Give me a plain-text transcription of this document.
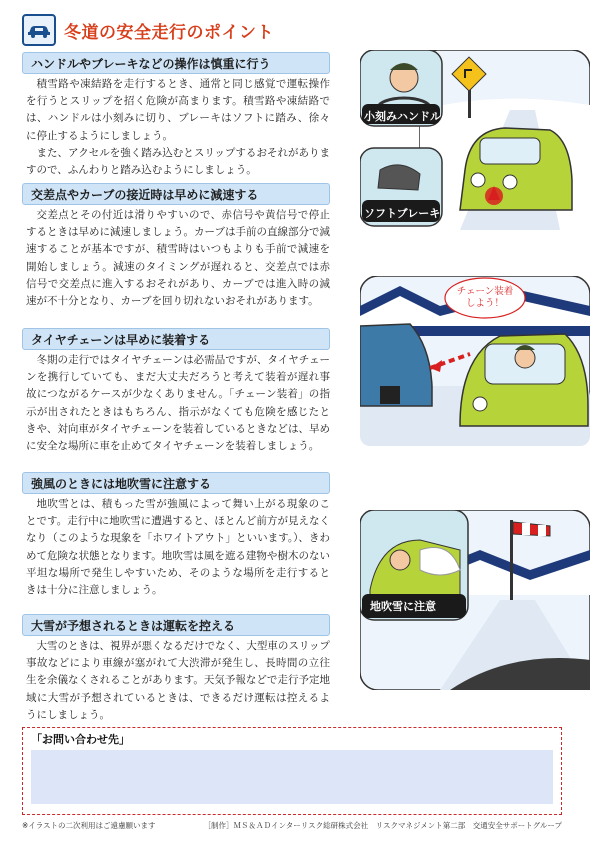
冬道の安全走行のポイント
ハンドルやブレーキなどの操作は慎重に行う

積雪路や凍結路を走行するとき、通常と同じ感覚で運転操作を行うとスリップを招く危険が高まります。積雪路や凍結路では、ハンドルは小刻みに切り、ブレーキはソフトに踏み、徐々に停止するようにしましょう。

また、アクセルを強く踏み込むとスリップするおそれがありますので、ふんわりと踏み込むようにしましょう。

交差点やカーブの接近時は早めに減速する

交差点とその付近は滑りやすいので、赤信号や黄信号で停止するときは早めに減速しましょう。カーブは手前の直線部分で減速することが基本ですが、積雪時はいつもよりも手前で減速を開始しましょう。減速のタイミングが遅れると、交差点では赤信号で交差点に進入するおそれがあり、カーブでは進入時の減速が不十分となり、カーブを回り切れないおそれがあります。

タイヤチェーンは早めに装着する

冬期の走行ではタイヤチェーンは必需品ですが、タイヤチェーンを携行していても、まだ大丈夫だろうと考えて装着が遅れ事故につながるケースが少なくありません。「チェーン装着」の指示が出されたときはもちろん、指示がなくても危険を感じたときや、対向車がタイヤチェーンを装着しているときなどは、早めに安全な場所に車を止めてタイヤチェーンを装着しましょう。

強風のときには地吹雪に注意する

地吹雪とは、積もった雪が強風によって舞い上がる現象のことです。走行中に地吹雪に遭遇すると、ほとんど前方が見えなくなり（このような現象を「ホワイトアウト」といいます。）、きわめて危険な状態となります。地吹雪は風を遮る建物や樹木のない平坦な場所で発生しやすいため、そのような場所を走行するときは十分に注意しましょう。

大雪が予想されるときは運転を控える

大雪のときは、視界が悪くなるだけでなく、大型車のスリップ事故などにより車線が塞がれて大渋滞が発生し、長時間の立往生を余儀なくされることがあります。天気予報などで走行予定地域に大雪が予想されているときは、できるだけ運転は控えるようにしましょう。

小刻みハンドル
ソフトブレーキ
チェーン装着
しよう！
地吹雪に注意
「お問い合わせ先」
※イラストの二次利用はご遠慮願います	［制作］ＭＳ＆ＡＤインターリスク総研株式会社　リスクマネジメント第二部　交通安全サポートグループ
